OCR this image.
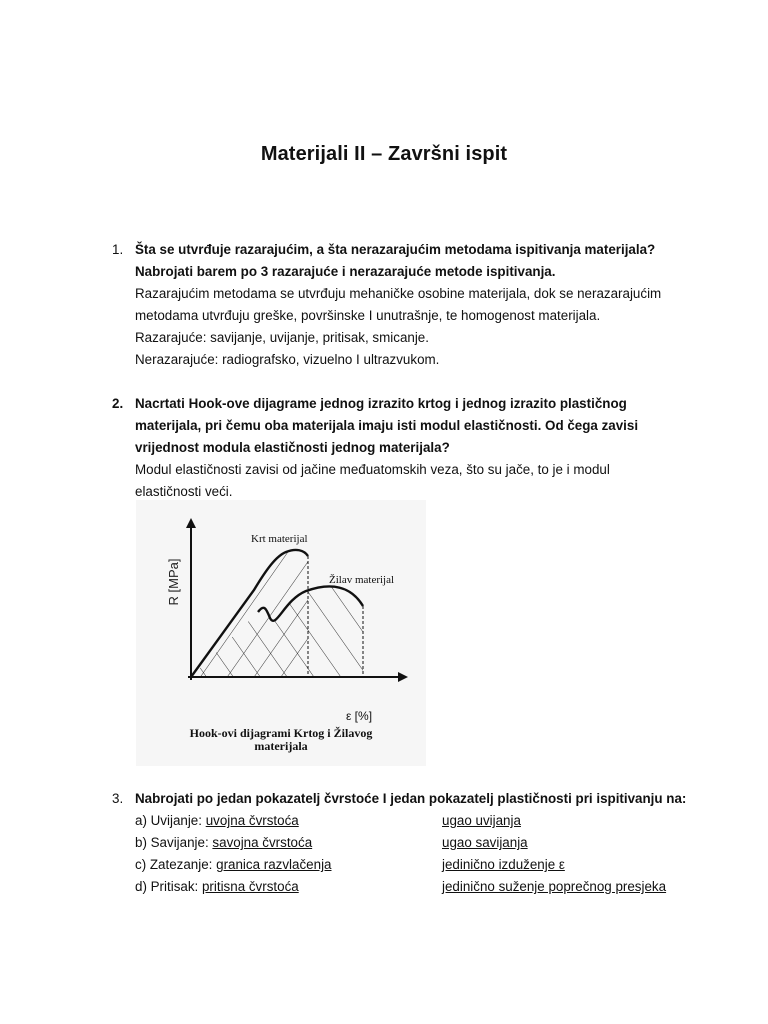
Materijali II – Završni ispit
1. Šta se utvrđuje razarajućim, a šta nerazarajućim metodama ispitivanja materijala?
Nabrojati barem po 3 razarajuće i nerazarajuće metode ispitivanja.
Razarajućim metodama se utvrđuju mehaničke osobine materijala, dok se nerazarajućim
metodama utvrđuju greške, površinske I unutrašnje, te homogenost materijala.
Razarajuće: savijanje, uvijanje, pritisak, smicanje.
Nerazarajuće: radiografsko, vizuelno I ultrazvukom.
2. Nacrtati Hook-ove dijagrame jednog izrazito krtog i jednog izrazito plastičnog
materijala, pri čemu oba materijala imaju isti modul elastičnosti. Od čega zavisi
vrijednost modula elastičnosti jednog materijala?
Modul elastičnosti zavisi od jačine međuatomskih veza, što su jače, to je i modul
elastičnosti veći.
R [MPa]
Krt materijal
Žilav materijal
ε [%]
Hook-ovi dijagrami Krtog i Žilavog
materijala
3. Nabrojati po jedan pokazatelj čvrstoće I jedan pokazatelj plastičnosti pri ispitivanju na:
a) Uvijanje: uvojna čvrstoća	ugao uvijanja
b) Savijanje: savojna čvrstoća	ugao savijanja
c) Zatezanje: granica razvlačenja	jedinično izduženje ε
d) Pritisak: pritisna čvrstoća	jedinično suženje poprečnog presjeka
